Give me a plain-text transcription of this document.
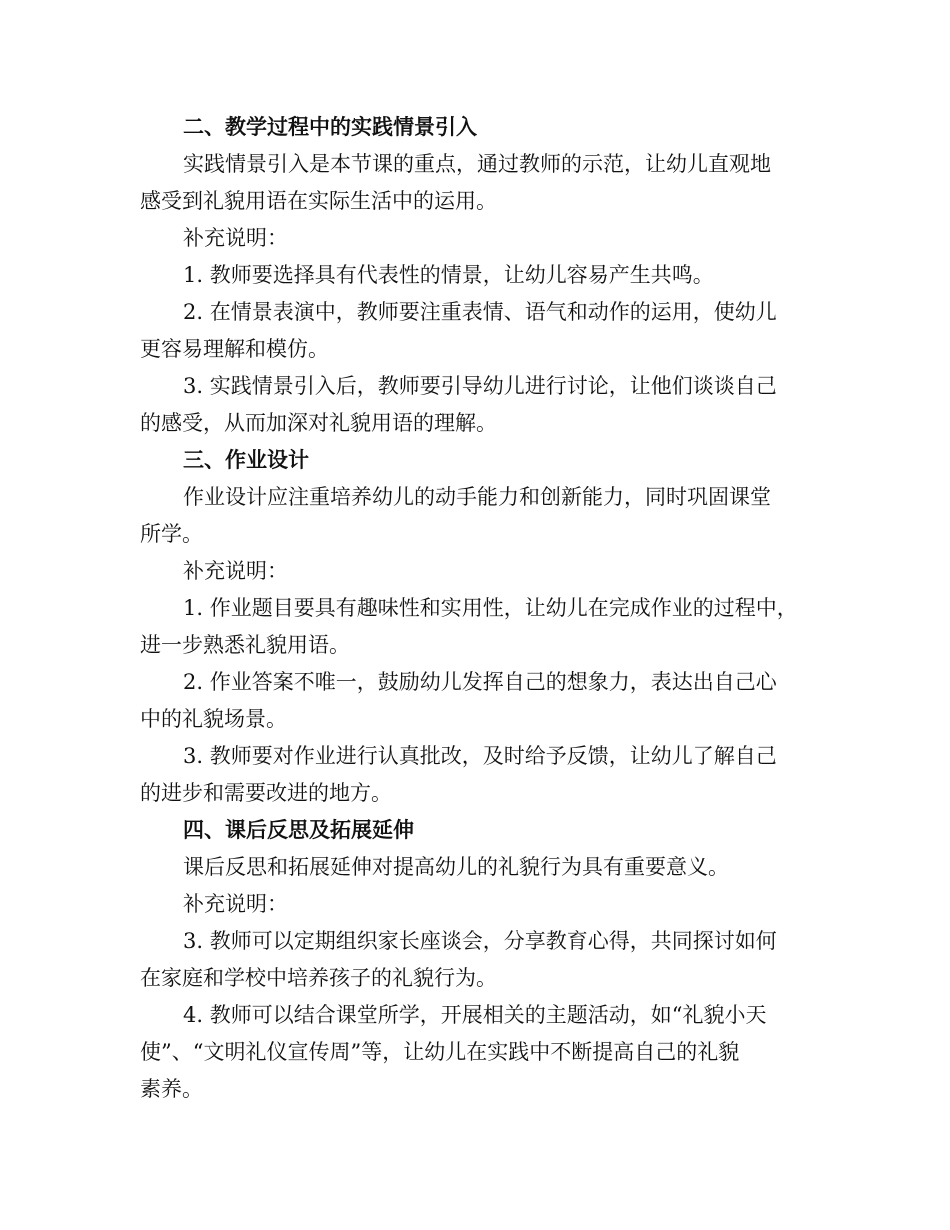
二、教学过程中的实践情景引入
实践情景引入是本节课的重点，通过教师的示范，让幼儿直观地
感受到礼貌用语在实际生活中的运用。
补充说明：
1. 教师要选择具有代表性的情景，让幼儿容易产生共鸣。
2. 在情景表演中，教师要注重表情、语气和动作的运用，使幼儿
更容易理解和模仿。
3. 实践情景引入后，教师要引导幼儿进行讨论，让他们谈谈自己
的感受，从而加深对礼貌用语的理解。
三、作业设计
作业设计应注重培养幼儿的动手能力和创新能力，同时巩固课堂
所学。
补充说明：
1. 作业题目要具有趣味性和实用性，让幼儿在完成作业的过程中，
进一步熟悉礼貌用语。
2. 作业答案不唯一，鼓励幼儿发挥自己的想象力，表达出自己心
中的礼貌场景。
3. 教师要对作业进行认真批改，及时给予反馈，让幼儿了解自己
的进步和需要改进的地方。
四、课后反思及拓展延伸
课后反思和拓展延伸对提高幼儿的礼貌行为具有重要意义。
补充说明：
3. 教师可以定期组织家长座谈会，分享教育心得，共同探讨如何
在家庭和学校中培养孩子的礼貌行为。
4. 教师可以结合课堂所学，开展相关的主题活动，如“礼貌小天
使”、“文明礼仪宣传周”等，让幼儿在实践中不断提高自己的礼貌
素养。
